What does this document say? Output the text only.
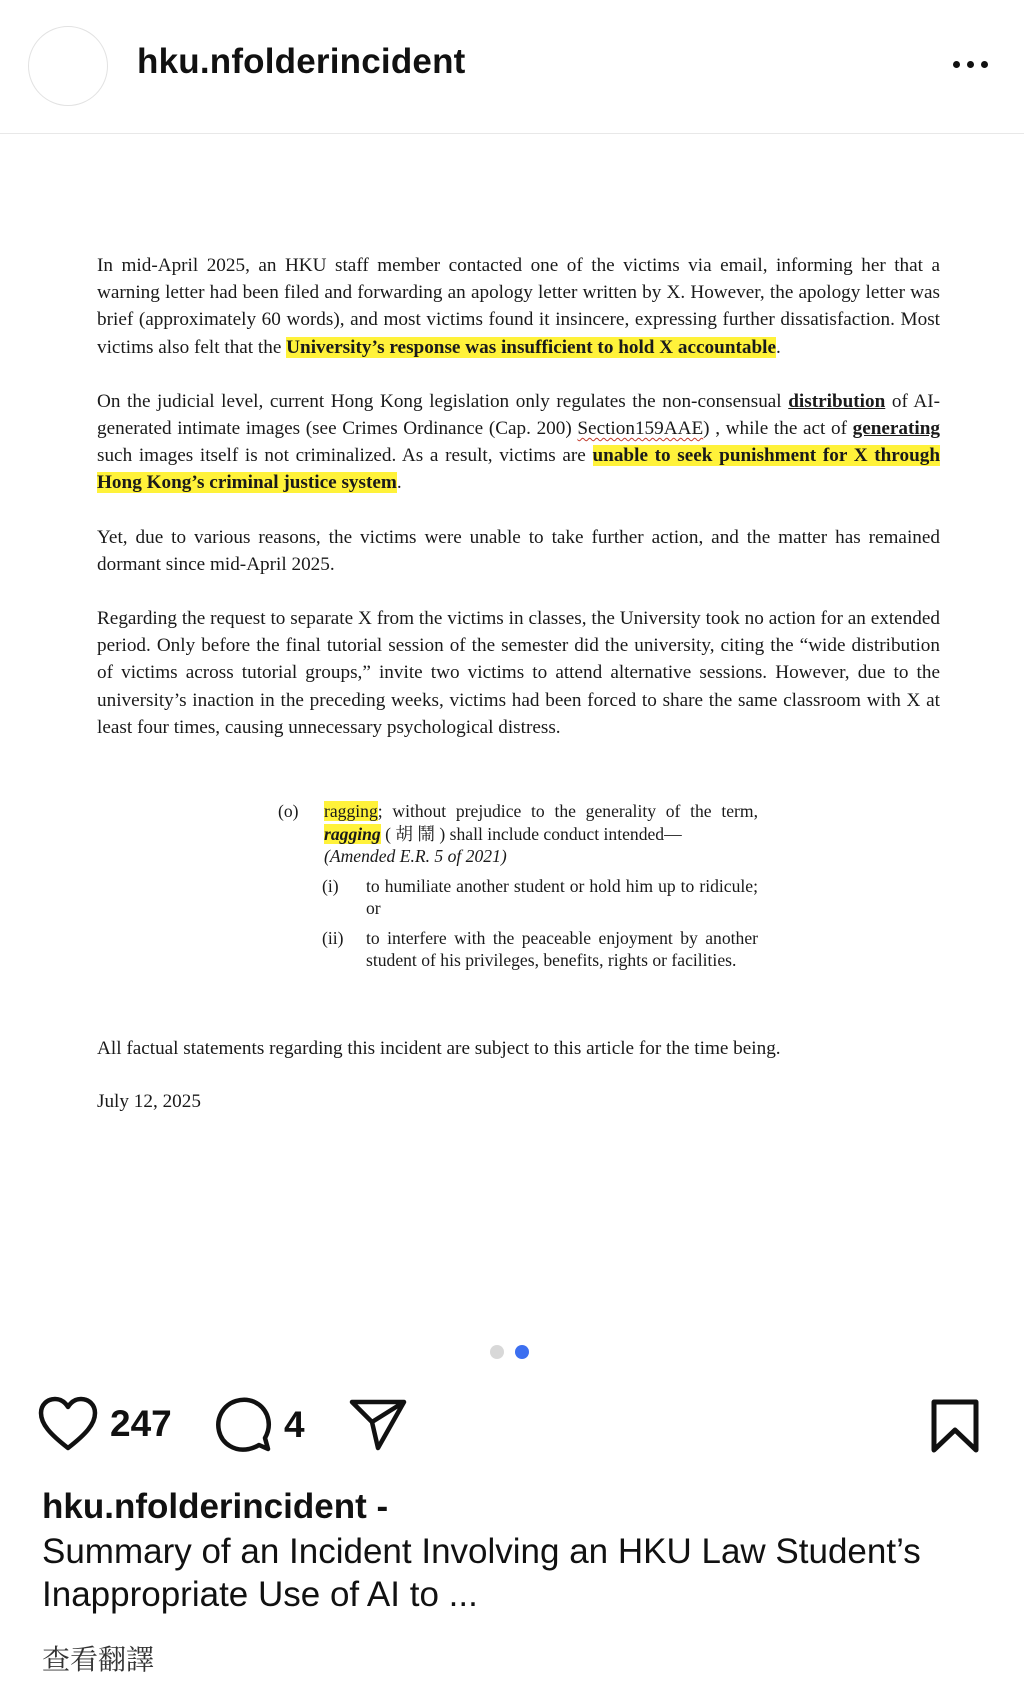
hku.nfolderincident

In mid-April 2025, an HKU staff member contacted one of the victims via email, informing her that a warning letter had been filed and forwarding an apology letter written by X. However, the apology letter was brief (approximately 60 words), and most victims found it insincere, expressing further dissatisfaction. Most victims also felt that the University’s response was insufficient to hold X accountable.

On the judicial level, current Hong Kong legislation only regulates the non-consensual distribution of AI-generated intimate images (see Crimes Ordinance (Cap. 200) Section159AAE) , while the act of generating such images itself is not criminalized. As a result, victims are unable to seek punishment for X through Hong Kong’s criminal justice system.

Yet, due to various reasons, the victims were unable to take further action, and the matter has remained dormant since mid-April 2025.

Regarding the request to separate X from the victims in classes, the University took no action for an extended period. Only before the final tutorial session of the semester did the university, citing the “wide distribution of victims across tutorial groups,” invite two victims to attend alternative sessions. However, due to the university’s inaction in the preceding weeks, victims had been forced to share the same classroom with X at least four times, causing unnecessary psychological distress.

(o)	ragging; without prejudice to the generality of the term, ragging ( 胡 鬧 ) shall include conduct intended—
(Amended E.R. 5 of 2021)
(i)	to humiliate another student or hold him up to ridicule; or
(ii)	to interfere with the peaceable enjoyment by another student of his privileges, benefits, rights or facilities.
All factual statements regarding this incident are subject to this article for the time being.
July 12, 2025
247	4
hku.nfolderincident -
Summary of an Incident Involving an HKU Law Student’s Inappropriate Use of AI to ...
查看翻譯
